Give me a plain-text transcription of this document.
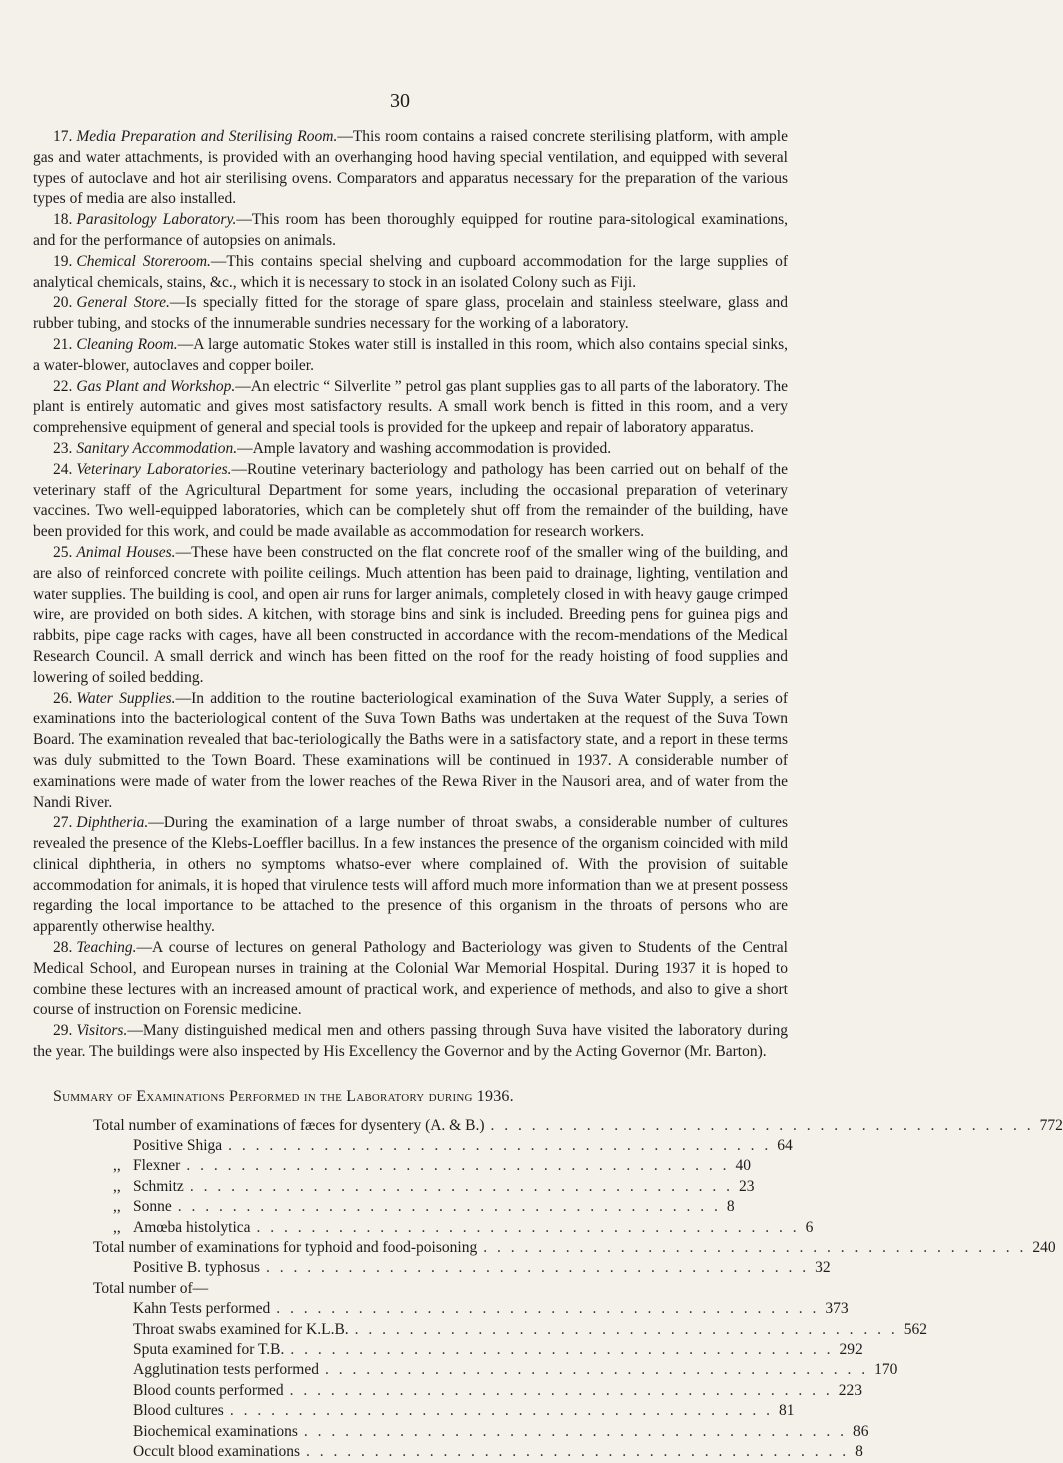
30

17. Media Preparation and Sterilising Room.—This room contains a raised concrete sterilising platform, with ample gas and water attachments, is provided with an overhanging hood having special ventilation, and equipped with several types of autoclave and hot air sterilising ovens. Comparators and apparatus necessary for the preparation of the various types of media are also installed.

18. Parasitology Laboratory.—This room has been thoroughly equipped for routine para-sitological examinations, and for the performance of autopsies on animals.

19. Chemical Storeroom.—This contains special shelving and cupboard accommodation for the large supplies of analytical chemicals, stains, &c., which it is necessary to stock in an isolated Colony such as Fiji.

20. General Store.—Is specially fitted for the storage of spare glass, procelain and stainless steelware, glass and rubber tubing, and stocks of the innumerable sundries necessary for the working of a laboratory.

21. Cleaning Room.—A large automatic Stokes water still is installed in this room, which also contains special sinks, a water-blower, autoclaves and copper boiler.

22. Gas Plant and Workshop.—An electric “ Silverlite ” petrol gas plant supplies gas to all parts of the laboratory. The plant is entirely automatic and gives most satisfactory results. A small work bench is fitted in this room, and a very comprehensive equipment of general and special tools is provided for the upkeep and repair of laboratory apparatus.

23. Sanitary Accommodation.—Ample lavatory and washing accommodation is provided.

24. Veterinary Laboratories.—Routine veterinary bacteriology and pathology has been carried out on behalf of the veterinary staff of the Agricultural Department for some years, including the occasional preparation of veterinary vaccines. Two well-equipped laboratories, which can be completely shut off from the remainder of the building, have been provided for this work, and could be made available as accommodation for research workers.

25. Animal Houses.—These have been constructed on the flat concrete roof of the smaller wing of the building, and are also of reinforced concrete with poilite ceilings. Much attention has been paid to drainage, lighting, ventilation and water supplies. The building is cool, and open air runs for larger animals, completely closed in with heavy gauge crimped wire, are provided on both sides. A kitchen, with storage bins and sink is included. Breeding pens for guinea pigs and rabbits, pipe cage racks with cages, have all been constructed in accordance with the recom-mendations of the Medical Research Council. A small derrick and winch has been fitted on the roof for the ready hoisting of food supplies and lowering of soiled bedding.

26. Water Supplies.—In addition to the routine bacteriological examination of the Suva Water Supply, a series of examinations into the bacteriological content of the Suva Town Baths was undertaken at the request of the Suva Town Board. The examination revealed that bac-teriologically the Baths were in a satisfactory state, and a report in these terms was duly submitted to the Town Board. These examinations will be continued in 1937. A considerable number of examinations were made of water from the lower reaches of the Rewa River in the Nausori area, and of water from the Nandi River.

27. Diphtheria.—During the examination of a large number of throat swabs, a considerable number of cultures revealed the presence of the Klebs-Loeffler bacillus. In a few instances the presence of the organism coincided with mild clinical diphtheria, in others no symptoms whatso-ever where complained of. With the provision of suitable accommodation for animals, it is hoped that virulence tests will afford much more information than we at present possess regarding the local importance to be attached to the presence of this organism in the throats of persons who are apparently otherwise healthy.

28. Teaching.—A course of lectures on general Pathology and Bacteriology was given to Students of the Central Medical School, and European nurses in training at the Colonial War Memorial Hospital. During 1937 it is hoped to combine these lectures with an increased amount of practical work, and experience of methods, and also to give a short course of instruction on Forensic medicine.

29. Visitors.—Many distinguished medical men and others passing through Suva have visited the laboratory during the year. The buildings were also inspected by His Excellency the Governor and by the Acting Governor (Mr. Barton).

Summary of Examinations Performed in the Laboratory during 1936.
Total number of examinations of fæces for dysentery (A. & B.) . . . . . . . . . . . . . . . . . . . . . . . . . . . . . . . . . . . . . . . . 772
Positive Shiga . . . . . . . . . . . . . . . . . . . . . . . . . . . . . . . . . . . . . . . . 64
,, Flexner . . . . . . . . . . . . . . . . . . . . . . . . . . . . . . . . . . . . . . . . 40
,, Schmitz . . . . . . . . . . . . . . . . . . . . . . . . . . . . . . . . . . . . . . . . 23
,, Sonne . . . . . . . . . . . . . . . . . . . . . . . . . . . . . . . . . . . . . . . . 8
,, Amœba histolytica . . . . . . . . . . . . . . . . . . . . . . . . . . . . . . . . . . . . . . . . 6
Total number of examinations for typhoid and food-poisoning . . . . . . . . . . . . . . . . . . . . . . . . . . . . . . . . . . . . . . . . 240
Positive B. typhosus . . . . . . . . . . . . . . . . . . . . . . . . . . . . . . . . . . . . . . . . 32
Total number of—
Kahn Tests performed . . . . . . . . . . . . . . . . . . . . . . . . . . . . . . . . . . . . . . . . 373
Throat swabs examined for K.L.B. . . . . . . . . . . . . . . . . . . . . . . . . . . . . . . . . . . . . . . . . 562
Sputa examined for T.B. . . . . . . . . . . . . . . . . . . . . . . . . . . . . . . . . . . . . . . . . 292
Agglutination tests performed . . . . . . . . . . . . . . . . . . . . . . . . . . . . . . . . . . . . . . . . 170
Blood counts performed . . . . . . . . . . . . . . . . . . . . . . . . . . . . . . . . . . . . . . . . 223
Blood cultures . . . . . . . . . . . . . . . . . . . . . . . . . . . . . . . . . . . . . . . . 81
Biochemical examinations . . . . . . . . . . . . . . . . . . . . . . . . . . . . . . . . . . . . . . . . 86
Occult blood examinations . . . . . . . . . . . . . . . . . . . . . . . . . . . . . . . . . . . . . . . . 8
